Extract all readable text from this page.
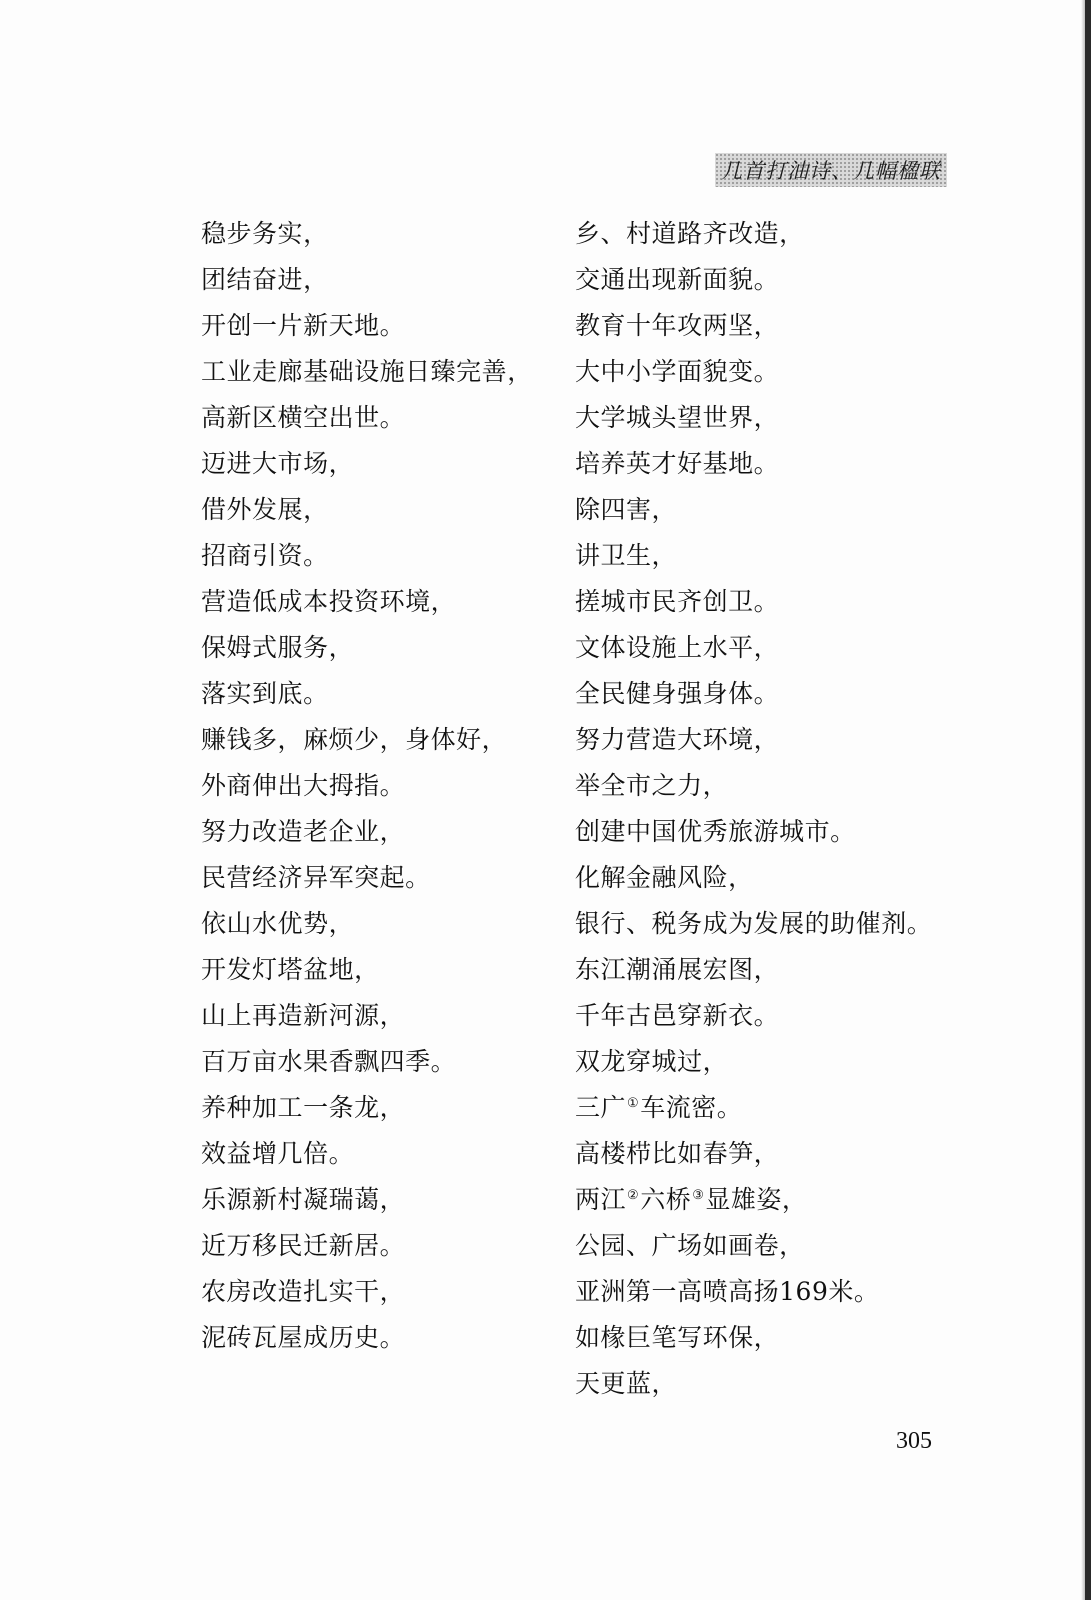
几首打油诗、几幅楹联
稳步务实，
团结奋进，
开创一片新天地。
工业走廊基础设施日臻完善，
高新区横空出世。
迈进大市场，
借外发展，
招商引资。
营造低成本投资环境，
保姆式服务，
落实到底。
赚钱多，麻烦少，身体好，
外商伸出大拇指。
努力改造老企业，
民营经济异军突起。
依山水优势，
开发灯塔盆地，
山上再造新河源，
百万亩水果香飘四季。
养种加工一条龙，
效益增几倍。
乐源新村凝瑞蔼，
近万移民迁新居。
农房改造扎实干，
泥砖瓦屋成历史。
乡、村道路齐改造，
交通出现新面貌。
教育十年攻两坚，
大中小学面貌变。
大学城头望世界，
培养英才好基地。
除四害，
讲卫生，
搓城市民齐创卫。
文体设施上水平，
全民健身强身体。
努力营造大环境，
举全市之力，
创建中国优秀旅游城市。
化解金融风险，
银行、税务成为发展的助催剂。
东江潮涌展宏图，
千年古邑穿新衣。
双龙穿城过，
三广①车流密。
高楼栉比如春笋，
两江②六桥③显雄姿，
公园、广场如画卷，
亚洲第一高喷高扬169米。
如椽巨笔写环保，
天更蓝，
305
